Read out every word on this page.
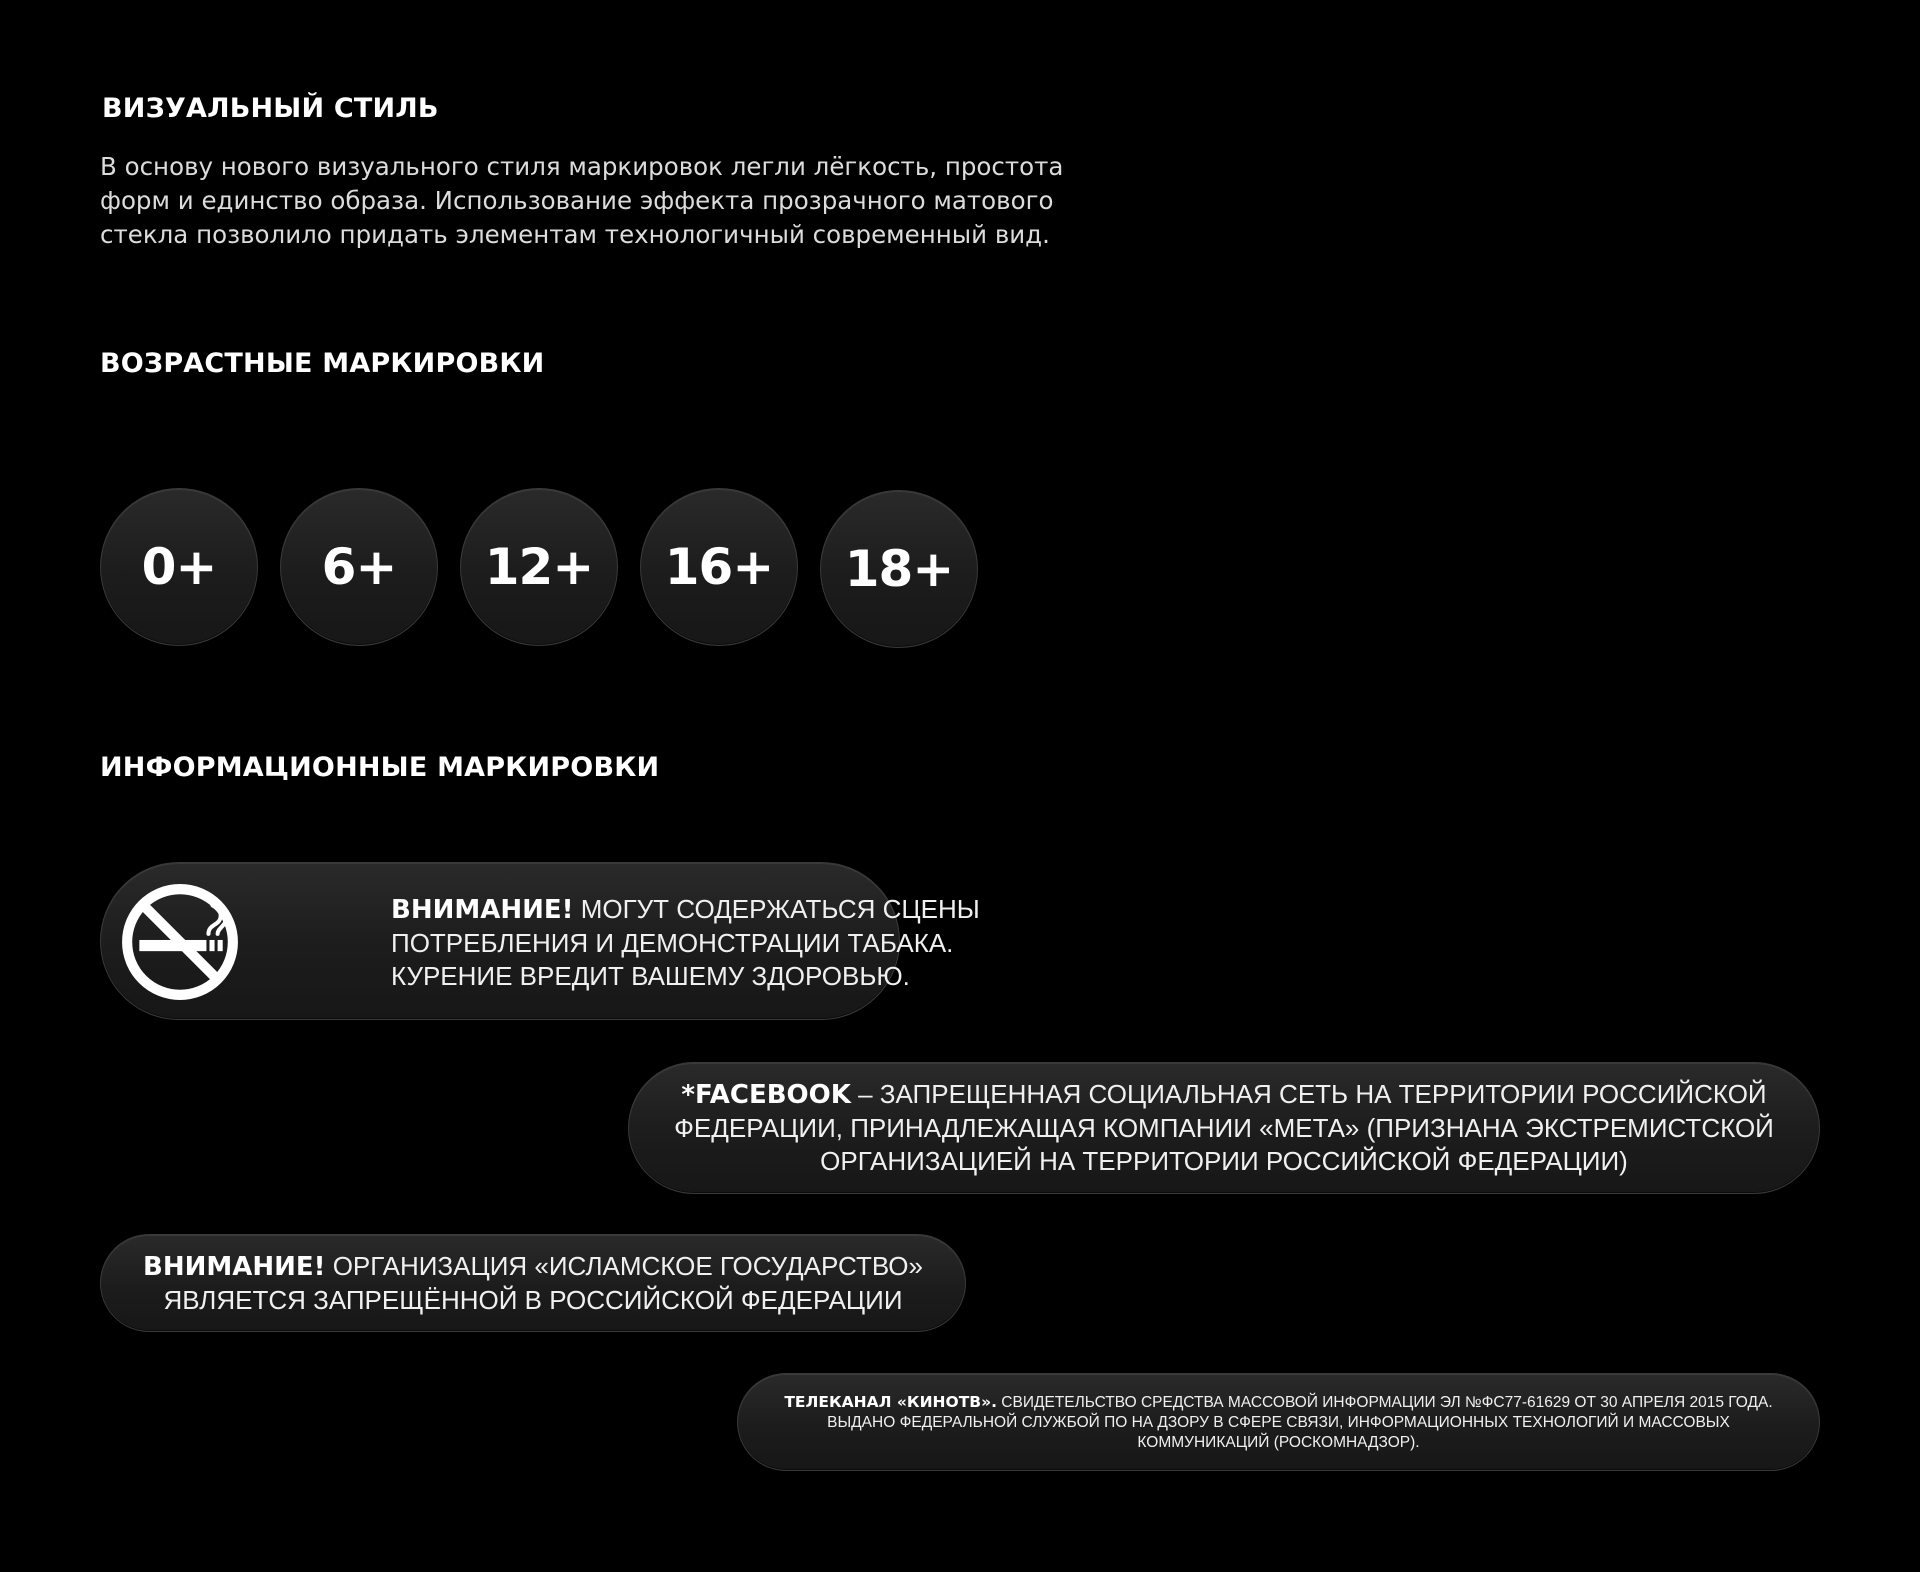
ВИЗУАЛЬНЫЙ СТИЛЬ

В основу нового визуального стиля маркировок легли лёгкость, простота
форм и единство образа. Использование эффекта прозрачного матового
стекла позволило придать элементам технологичный современный вид.

ВОЗРАСТНЫЕ МАРКИРОВКИ
0+ 6+ 12+ 16+ 18+
ИНФОРМАЦИОННЫЕ МАРКИРОВКИ
ВНИМАНИЕ! МОГУТ СОДЕРЖАТЬСЯ СЦЕНЫ
ПОТРЕБЛЕНИЯ И ДЕМОНСТРАЦИИ ТАБАКА.
КУРЕНИЕ ВРЕДИТ ВАШЕМУ ЗДОРОВЬЮ.
*FACEBOOK – ЗАПРЕЩЕННАЯ СОЦИАЛЬНАЯ СЕТЬ НА ТЕРРИТОРИИ РОССИЙСКОЙ
ФЕДЕРАЦИИ, ПРИНАДЛЕЖАЩАЯ КОМПАНИИ «МЕТА» (ПРИЗНАНА ЭКСТРЕМИСТСКОЙ
ОРГАНИЗАЦИЕЙ НА ТЕРРИТОРИИ РОССИЙСКОЙ ФЕДЕРАЦИИ)
ВНИМАНИЕ! ОРГАНИЗАЦИЯ «ИСЛАМСКОЕ ГОСУДАРСТВО»
ЯВЛЯЕТСЯ ЗАПРЕЩЁННОЙ В РОССИЙСКОЙ ФЕДЕРАЦИИ
ТЕЛЕКАНАЛ «КИНОТВ». СВИДЕТЕЛЬСТВО СРЕДСТВА МАССОВОЙ ИНФОРМАЦИИ ЭЛ №ФС77-61629 ОТ 30 АПРЕЛЯ 2015 ГОДА.
ВЫДАНО ФЕДЕРАЛЬНОЙ СЛУЖБОЙ ПО НА ДЗОРУ В СФЕРЕ СВЯЗИ, ИНФОРМАЦИОННЫХ ТЕХНОЛОГИЙ И МАССОВЫХ
КОММУНИКАЦИЙ (РОСКОМНАДЗОР).
